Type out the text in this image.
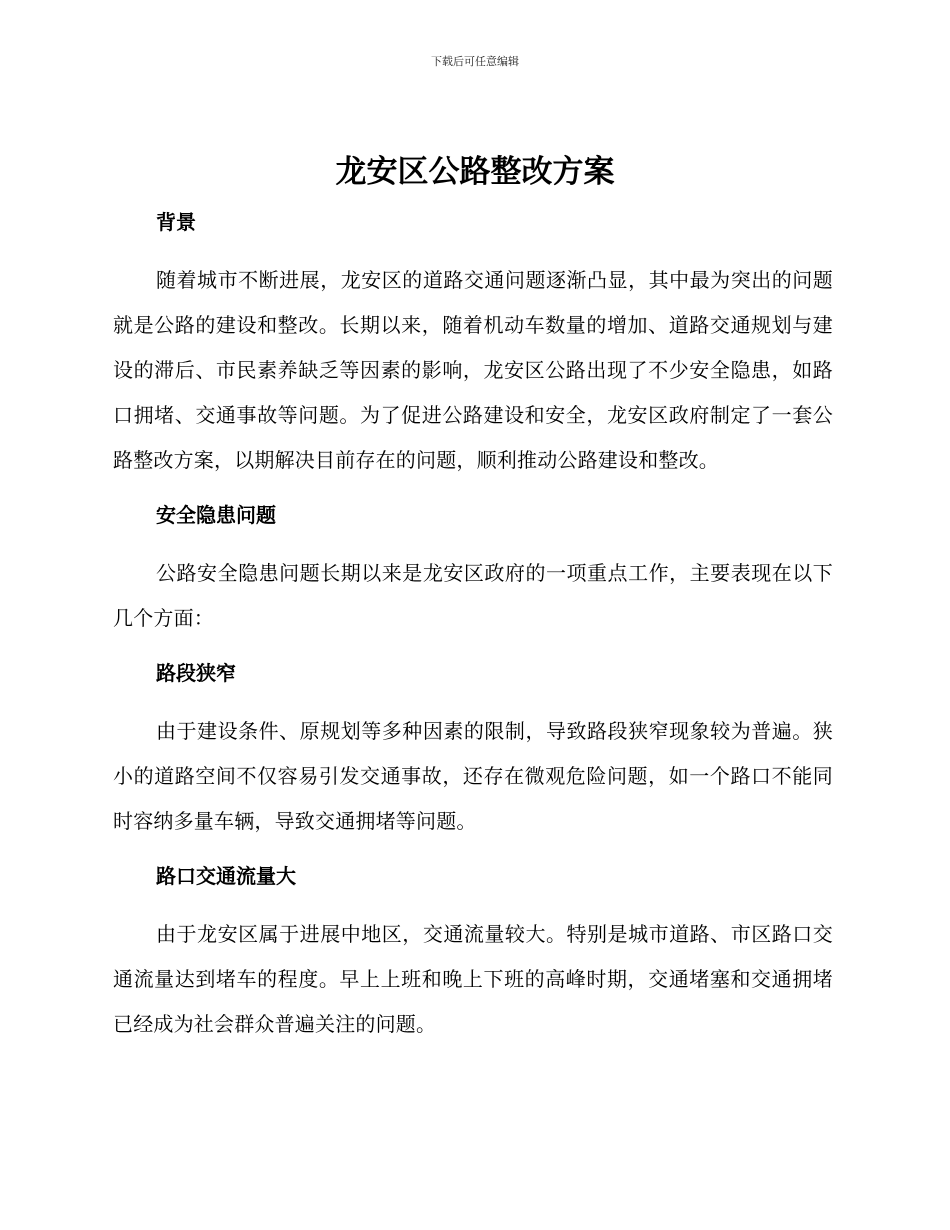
下载后可任意编辑
龙安区公路整改方案
背景

随着城市不断进展，龙安区的道路交通问题逐渐凸显，其中最为突出的问题就是公路的建设和整改。长期以来，随着机动车数量的增加、道路交通规划与建设的滞后、市民素养缺乏等因素的影响，龙安区公路出现了不少安全隐患，如路口拥堵、交通事故等问题。为了促进公路建设和安全，龙安区政府制定了一套公路整改方案，以期解决目前存在的问题，顺利推动公路建设和整改。

安全隐患问题

公路安全隐患问题长期以来是龙安区政府的一项重点工作，主要表现在以下几个方面：

路段狭窄

由于建设条件、原规划等多种因素的限制，导致路段狭窄现象较为普遍。狭小的道路空间不仅容易引发交通事故，还存在微观危险问题，如一个路口不能同时容纳多量车辆，导致交通拥堵等问题。

路口交通流量大

由于龙安区属于进展中地区，交通流量较大。特别是城市道路、市区路口交通流量达到堵车的程度。早上上班和晚上下班的高峰时期，交通堵塞和交通拥堵已经成为社会群众普遍关注的问题。
